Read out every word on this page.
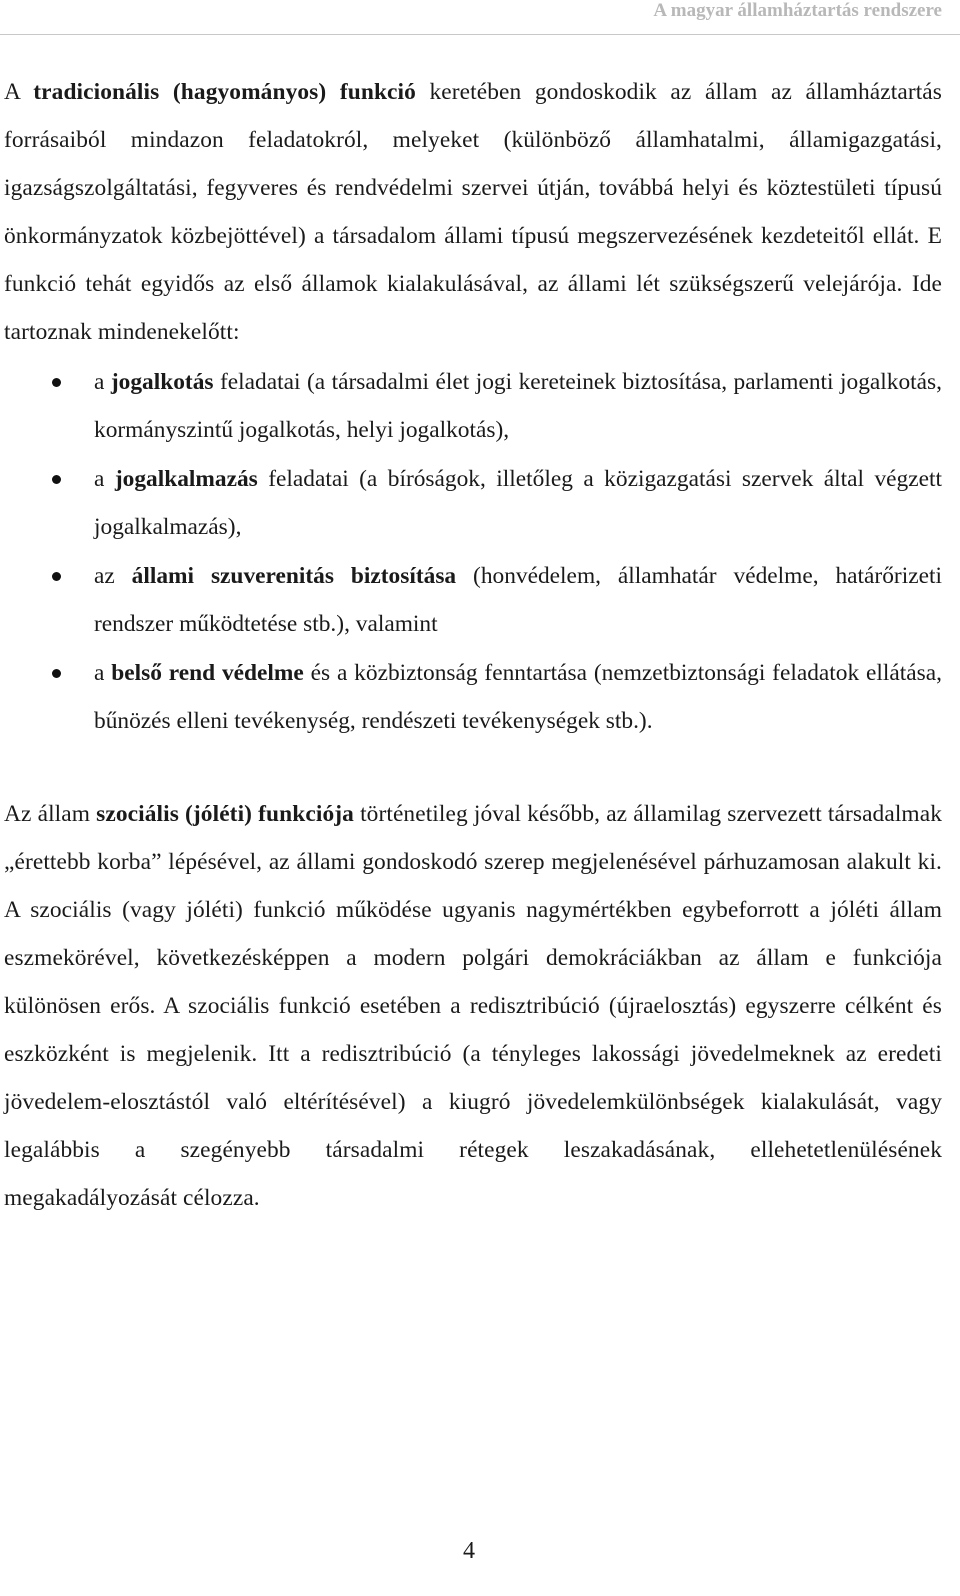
A magyar államháztartás rendszere

A tradicionális (hagyományos) funkció keretében gondoskodik az állam az államháztartás forrásaiból mindazon feladatokról, melyeket (különböző államhatalmi, államigazgatási, igazságszolgáltatási, fegyveres és rendvédelmi szervei útján, továbbá helyi és köztestületi típusú önkormányzatok közbejöttével) a társadalom állami típusú megszervezésének kezdeteitől ellát. E funkció tehát egyidős az első államok kialakulásával, az állami lét szükségszerű velejárója. Ide tartoznak mindenekelőtt:

a jogalkotás feladatai (a társadalmi élet jogi kereteinek biztosítása, parlamenti jogalkotás, kormányszintű jogalkotás, helyi jogalkotás),
a jogalkalmazás feladatai (a bíróságok, illetőleg a közigazgatási szervek által végzett jogalkalmazás),
az állami szuverenitás biztosítása (honvédelem, államhatár védelme, határőrizeti rendszer működtetése stb.), valamint
a belső rend védelme és a közbiztonság fenntartása (nemzetbiztonsági feladatok ellátása, bűnözés elleni tevékenység, rendészeti tevékenységek stb.).

Az állam szociális (jóléti) funkciója történetileg jóval később, az államilag szervezett társadalmak „érettebb korba” lépésével, az állami gondoskodó szerep megjelenésével párhuzamosan alakult ki. A szociális (vagy jóléti) funkció működése ugyanis nagymértékben egybeforrott a jóléti állam eszmekörével, következésképpen a modern polgári demokráciákban az állam e funkciója különösen erős. A szociális funkció esetében a redisztribúció (újraelosztás) egyszerre célként és eszközként is megjelenik. Itt a redisztribúció (a tényleges lakossági jövedelmeknek az eredeti jövedelem-elosztástól való eltérítésével) a kiugró jövedelemkülönbségek kialakulását, vagy legalábbis a szegényebb társadalmi rétegek leszakadásának, ellehetetlenülésének megakadályozását célozza.

4
